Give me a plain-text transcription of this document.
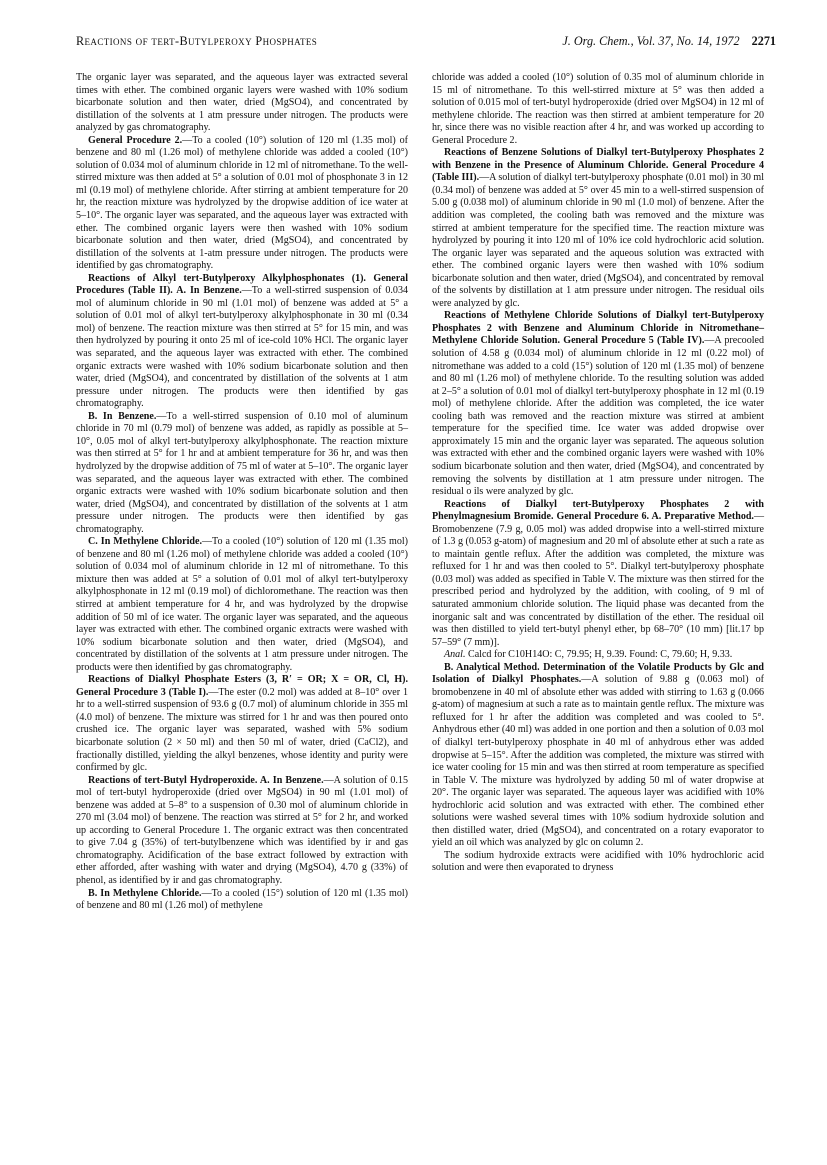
Reactions of tert-Butylperoxy Phosphates	J. Org. Chem., Vol. 37, No. 14, 1972 2271

The organic layer was separated, and the aqueous layer was extracted several times with ether. The combined organic layers were washed with 10% sodium bicarbonate solution and then water, dried (MgSO4), and concentrated by distillation of the solvents at 1 atm pressure under nitrogen. The products were analyzed by gas chromatography.

General Procedure 2.—To a cooled (10°) solution of 120 ml (1.35 mol) of benzene and 80 ml (1.26 mol) of methylene chloride was added a cooled (10°) solution of 0.034 mol of aluminum chloride in 12 ml of nitromethane. To the well-stirred mixture was then added at 5° a solution of 0.01 mol of phosphonate 3 in 12 ml (0.19 mol) of methylene chloride. After stirring at ambient temperature for 20 hr, the reaction mixture was hydrolyzed by the dropwise addition of ice water at 5–10°. The organic layer was separated, and the aqueous layer was extracted with ether. The combined organic layers were then washed with 10% sodium bicarbonate solution and then water, dried (MgSO4), and concentrated by distillation of the solvents at 1-atm pressure under nitrogen. The products were identified by gas chromatography.

Reactions of Alkyl tert-Butylperoxy Alkylphosphonates (1). General Procedures (Table II). A. In Benzene.—To a well-stirred suspension of 0.034 mol of aluminum chloride in 90 ml (1.01 mol) of benzene was added at 5° a solution of 0.01 mol of alkyl tert-butylperoxy alkylphosphonate in 30 ml (0.34 mol) of benzene. The reaction mixture was then stirred at 5° for 15 min, and was then hydrolyzed by pouring it onto 25 ml of ice-cold 10% HCl. The organic layer was separated, and the aqueous layer was extracted with ether. The combined organic extracts were washed with 10% sodium bicarbonate solution and then water, dried (MgSO4), and concentrated by distillation of the solvents at 1 atm pressure under nitrogen. The products were then identified by gas chromatography.

B. In Benzene.—To a well-stirred suspension of 0.10 mol of aluminum chloride in 70 ml (0.79 mol) of benzene was added, as rapidly as possible at 5–10°, 0.05 mol of alkyl tert-butylperoxy alkylphosphonate. The reaction mixture was then stirred at 5° for 1 hr and at ambient temperature for 36 hr, and was then hydrolyzed by the dropwise addition of 75 ml of water at 5–10°. The organic layer was separated, and the aqueous layer was extracted with ether. The combined organic extracts were washed with 10% sodium bicarbonate solution and then water, dried (MgSO4), and concentrated by distillation of the solvents at 1 atm pressure under nitrogen. The products were then identified by gas chromatography.

C. In Methylene Chloride.—To a cooled (10°) solution of 120 ml (1.35 mol) of benzene and 80 ml (1.26 mol) of methylene chloride was added a cooled (10°) solution of 0.034 mol of aluminum chloride in 12 ml of nitromethane. To this mixture then was added at 5° a solution of 0.01 mol of alkyl tert-butylperoxy alkylphosphonate in 12 ml (0.19 mol) of dichloromethane. The reaction was then stirred at ambient temperature for 4 hr, and was hydrolyzed by the dropwise addition of 50 ml of ice water. The organic layer was separated, and the aqueous layer was extracted with ether. The combined organic extracts were washed with 10% sodium bicarbonate solution and then water, dried (MgSO4), and concentrated by distillation of the solvents at 1 atm pressure under nitrogen. The products were then identified by gas chromatography.

Reactions of Dialkyl Phosphate Esters (3, R′ = OR; X = OR, Cl, H). General Procedure 3 (Table I).—The ester (0.2 mol) was added at 8–10° over 1 hr to a well-stirred suspension of 93.6 g (0.7 mol) of aluminum chloride in 355 ml (4.0 mol) of benzene. The mixture was stirred for 1 hr and was then poured onto crushed ice. The organic layer was separated, washed with 5% sodium bicarbonate solution (2 × 50 ml) and then 50 ml of water, dried (CaCl2), and fractionally distilled, yielding the alkyl benzenes, whose identity and purity were confirmed by glc.

Reactions of tert-Butyl Hydroperoxide. A. In Benzene.—A solution of 0.15 mol of tert-butyl hydroperoxide (dried over MgSO4) in 90 ml (1.01 mol) of benzene was added at 5–8° to a suspension of 0.30 mol of aluminum chloride in 270 ml (3.04 mol) of benzene. The reaction was stirred at 5° for 2 hr, and worked up according to General Procedure 1. The organic extract was then concentrated to give 7.04 g (35%) of tert-butylbenzene which was identified by ir and gas chromatography. Acidification of the base extract followed by extraction with ether afforded, after washing with water and drying (MgSO4), 4.70 g (33%) of phenol, as identified by ir and gas chromatography.

B. In Methylene Chloride.—To a cooled (15°) solution of 120 ml (1.35 mol) of benzene and 80 ml (1.26 mol) of methylene

chloride was added a cooled (10°) solution of 0.35 mol of aluminum chloride in 15 ml of nitromethane. To this well-stirred mixture at 5° was then added a solution of 0.015 mol of tert-butyl hydroperoxide (dried over MgSO4) in 12 ml of methylene chloride. The reaction was then stirred at ambient temperature for 20 hr, since there was no visible reaction after 4 hr, and was worked up according to General Procedure 2.

Reactions of Benzene Solutions of Dialkyl tert-Butylperoxy Phosphates 2 with Benzene in the Presence of Aluminum Chloride. General Procedure 4 (Table III).—A solution of dialkyl tert-butylperoxy phosphate (0.01 mol) in 30 ml (0.34 mol) of benzene was added at 5° over 45 min to a well-stirred suspension of 5.00 g (0.038 mol) of aluminum chloride in 90 ml (1.0 mol) of benzene. After the addition was completed, the cooling bath was removed and the mixture was stirred at ambient temperature for the specified time. The reaction mixture was hydrolyzed by pouring it into 120 ml of 10% ice cold hydrochloric acid solution. The organic layer was separated and the aqueous solution was extracted with ether. The combined organic layers were then washed with 10% sodium bicarbonate solution and then water, dried (MgSO4), and concentrated by removal of the solvents by distillation at 1 atm pressure under nitrogen. The residual oils were analyzed by glc.

Reactions of Methylene Chloride Solutions of Dialkyl tert-Butylperoxy Phosphates 2 with Benzene and Aluminum Chloride in Nitromethane–Methylene Chloride Solution. General Procedure 5 (Table IV).—A precooled solution of 4.58 g (0.034 mol) of aluminum chloride in 12 ml (0.22 mol) of nitromethane was added to a cold (15°) solution of 120 ml (1.35 mol) of benzene and 80 ml (1.26 mol) of methylene chloride. To the resulting solution was added at 2–5° a solution of 0.01 mol of dialkyl tert-butylperoxy phosphate in 12 ml (0.19 mol) of methylene chloride. After the addition was completed, the ice water cooling bath was removed and the reaction mixture was stirred at ambient temperature for the specified time. Ice water was added dropwise over approximately 15 min and the organic layer was separated. The aqueous solution was extracted with ether and the combined organic layers were washed with 10% sodium bicarbonate solution and then water, dried (MgSO4), and concentrated by removing the solvents by distillation at 1 atm pressure under nitrogen. The residual o ils were analyzed by glc.

Reactions of Dialkyl tert-Butylperoxy Phosphates 2 with Phenylmagnesium Bromide. General Procedure 6. A. Preparative Method.—Bromobenzene (7.9 g, 0.05 mol) was added dropwise into a well-stirred mixture of 1.3 g (0.053 g-atom) of magnesium and 20 ml of absolute ether at such a rate as to maintain gentle reflux. After the addition was completed, the mixture was refluxed for 1 hr and was then cooled to 5°. Dialkyl tert-butylperoxy phosphate (0.03 mol) was added as specified in Table V. The mixture was then stirred for the prescribed period and hydrolyzed by the addition, with cooling, of 9 ml of saturated ammonium chloride solution. The liquid phase was decanted from the inorganic salt and was concentrated by distillation of the ether. The residual oil was then distilled to yield tert-butyl phenyl ether, bp 68–70° (10 mm) [lit.17 bp 57–59° (7 mm)].

Anal. Calcd for C10H14O: C, 79.95; H, 9.39. Found: C, 79.60; H, 9.33.

B. Analytical Method. Determination of the Volatile Products by Glc and Isolation of Dialkyl Phosphates.—A solution of 9.88 g (0.063 mol) of bromobenzene in 40 ml of absolute ether was added with stirring to 1.63 g (0.066 g-atom) of magnesium at such a rate as to maintain gentle reflux. The mixture was refluxed for 1 hr after the addition was completed and was cooled to 5°. Anhydrous ether (40 ml) was added in one portion and then a solution of 0.03 mol of dialkyl tert-butylperoxy phosphate in 40 ml of anhydrous ether was added dropwise at 5–15°. After the addition was completed, the mixture was stirred with ice water cooling for 15 min and was then stirred at room temperature as specified in Table V. The mixture was hydrolyzed by adding 50 ml of water dropwise at 20°. The organic layer was separated. The aqueous layer was acidified with 10% hydrochloric acid solution and was extracted with ether. The combined ether solutions were washed several times with 10% sodium hydroxide solution and then distilled water, dried (MgSO4), and concentrated on a rotary evaporator to yield an oil which was analyzed by glc on column 2.

The sodium hydroxide extracts were acidified with 10% hydrochloric acid solution and were then evaporated to dryness
